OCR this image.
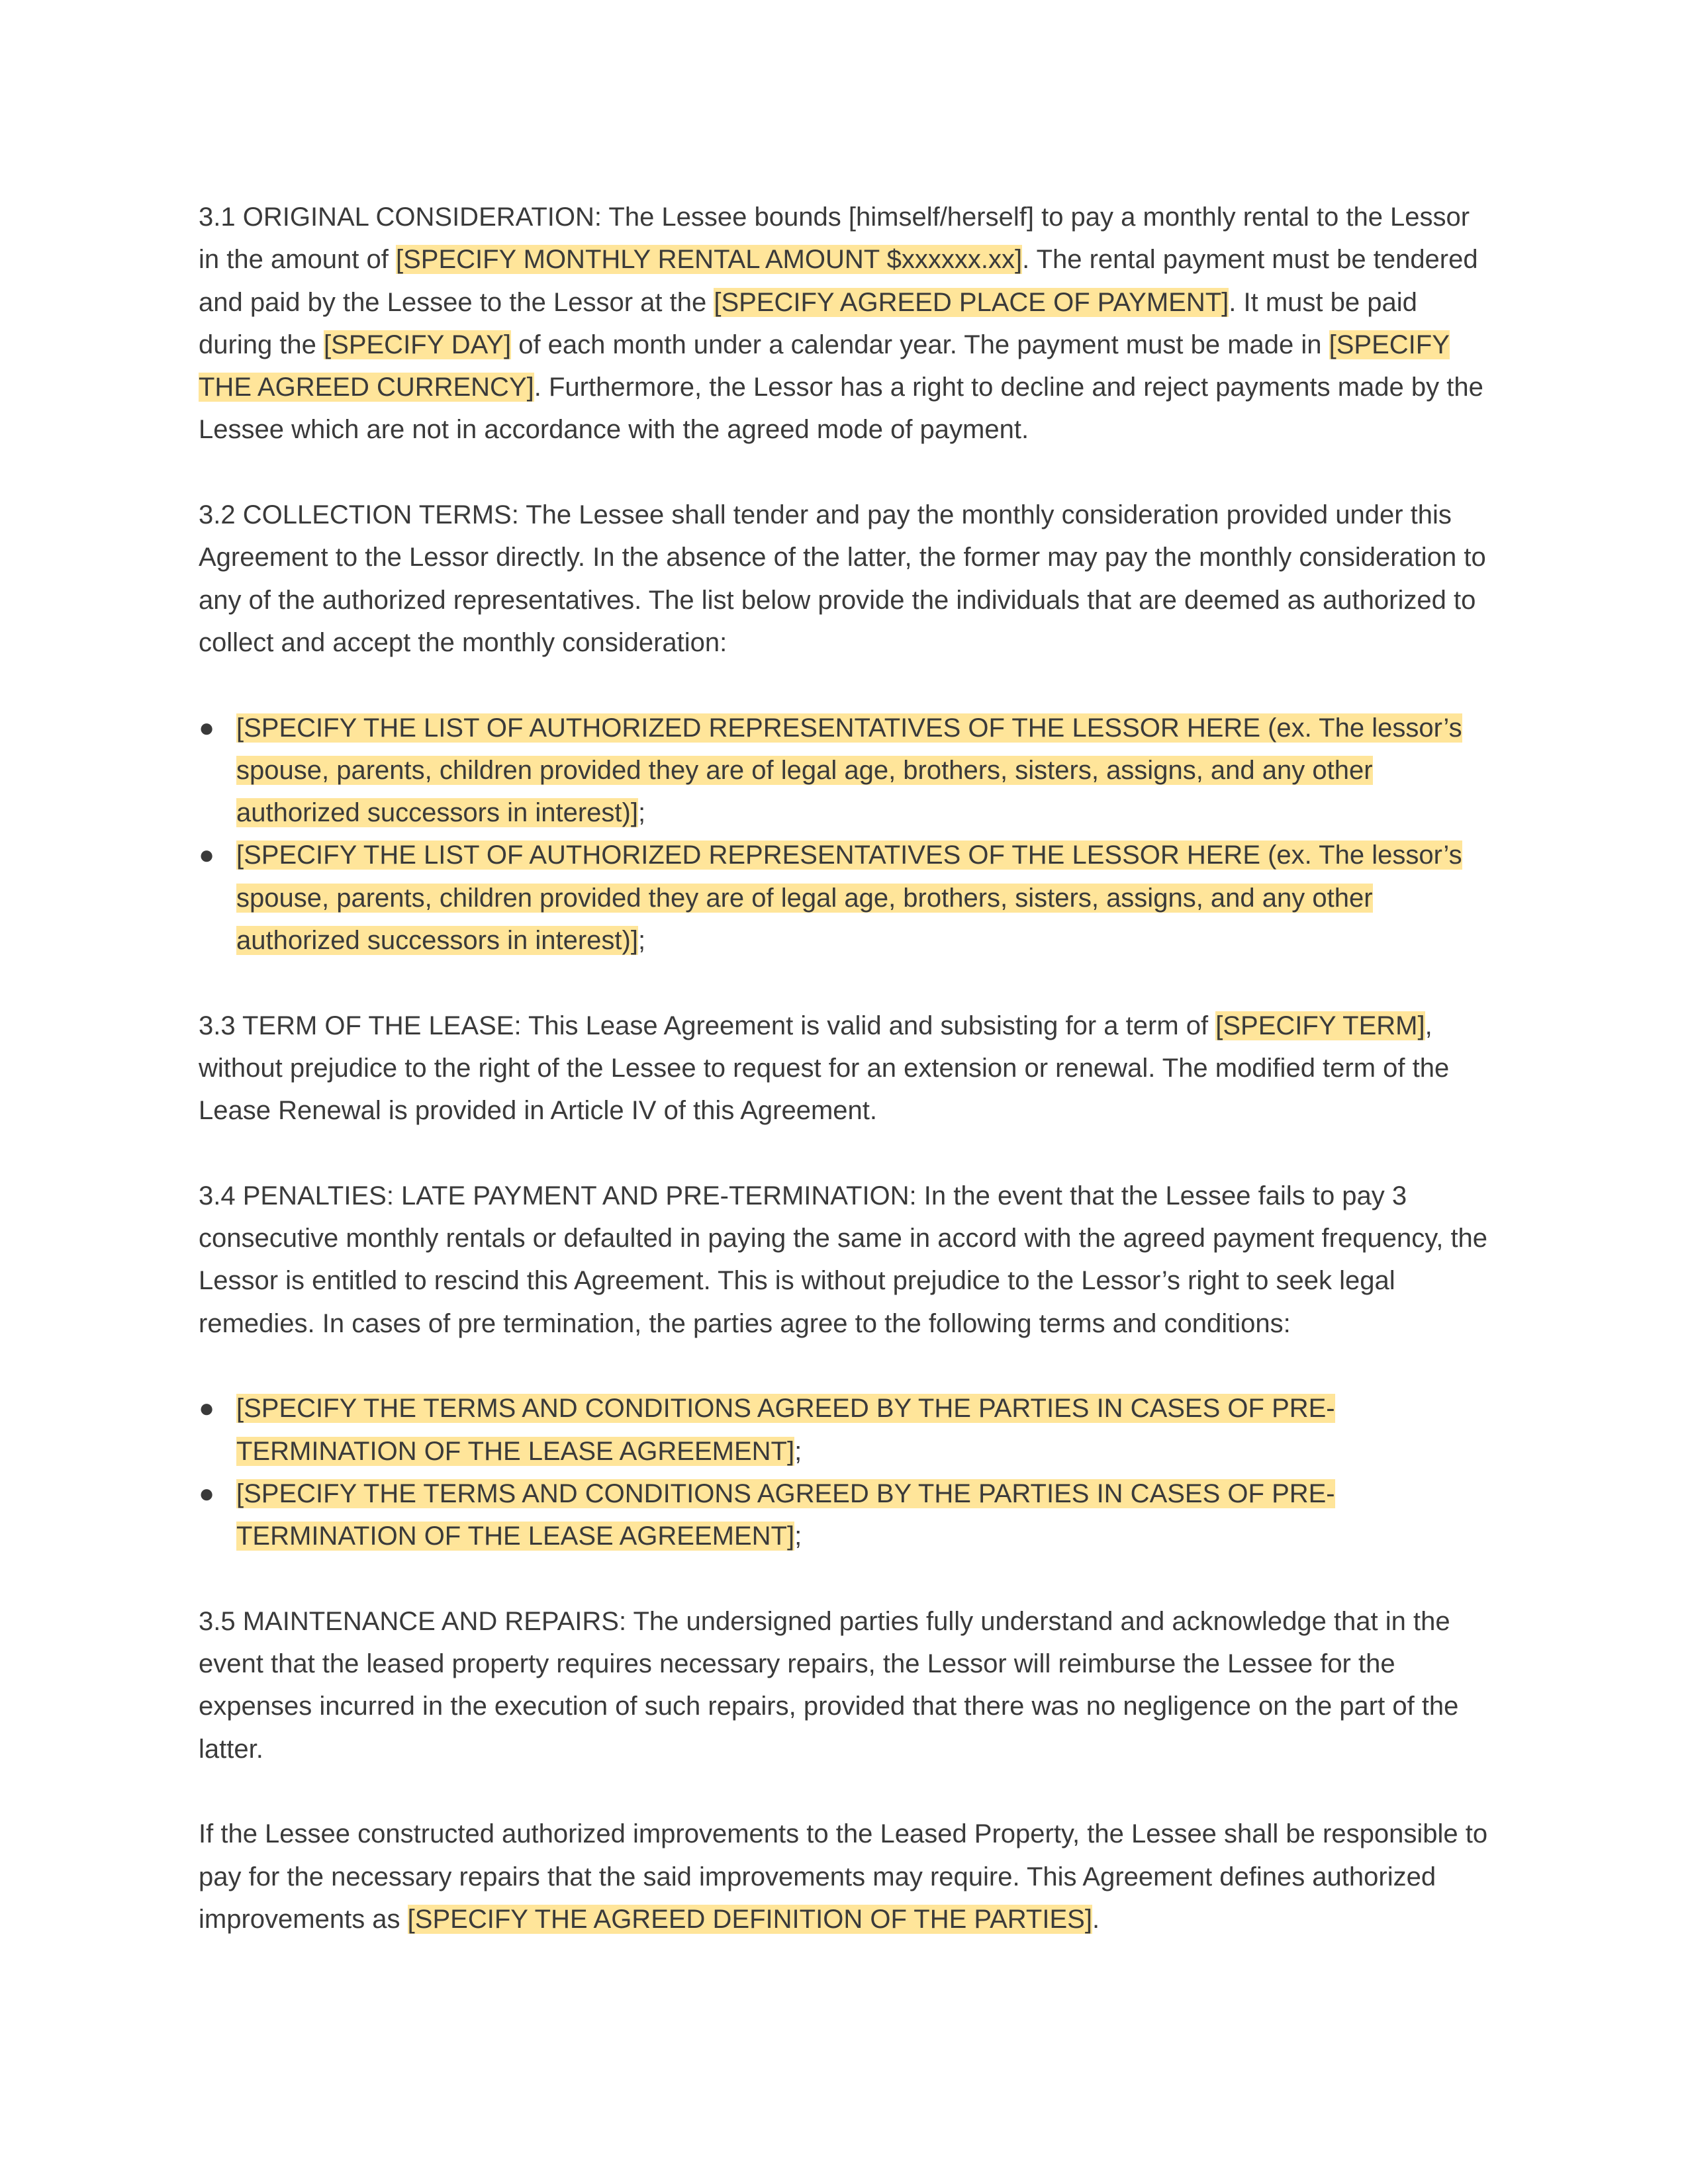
3.1 ORIGINAL CONSIDERATION: The Lessee bounds [himself/herself] to pay a monthly rental to the Lessor in the amount of [SPECIFY MONTHLY RENTAL AMOUNT $xxxxxx.xx]. The rental payment must be tendered and paid by the Lessee to the Lessor at the [SPECIFY AGREED PLACE OF PAYMENT]. It must be paid during the [SPECIFY DAY] of each month under a calendar year. The payment must be made in [SPECIFY THE AGREED CURRENCY]. Furthermore, the Lessor has a right to decline and reject payments made by the Lessee which are not in accordance with the agreed mode of payment.

3.2 COLLECTION TERMS: The Lessee shall tender and pay the monthly consideration provided under this Agreement to the Lessor directly. In the absence of the latter, the former may pay the monthly consideration to any of the authorized representatives. The list below provide the individuals that are deemed as authorized to collect and accept the monthly consideration:

● [SPECIFY THE LIST OF AUTHORIZED REPRESENTATIVES OF THE LESSOR HERE (ex. The lessor’s spouse, parents, children provided they are of legal age, brothers, sisters, assigns, and any other authorized successors in interest)];
● [SPECIFY THE LIST OF AUTHORIZED REPRESENTATIVES OF THE LESSOR HERE (ex. The lessor’s spouse, parents, children provided they are of legal age, brothers, sisters, assigns, and any other authorized successors in interest)];

3.3 TERM OF THE LEASE: This Lease Agreement is valid and subsisting for a term of [SPECIFY TERM], without prejudice to the right of the Lessee to request for an extension or renewal. The modified term of the Lease Renewal is provided in Article IV of this Agreement.

3.4 PENALTIES: LATE PAYMENT AND PRE-TERMINATION: In the event that the Lessee fails to pay 3 consecutive monthly rentals or defaulted in paying the same in accord with the agreed payment frequency, the Lessor is entitled to rescind this Agreement. This is without prejudice to the Lessor’s right to seek legal remedies. In cases of pre termination, the parties agree to the following terms and conditions:

● [SPECIFY THE TERMS AND CONDITIONS AGREED BY THE PARTIES IN CASES OF PRE-TERMINATION OF THE LEASE AGREEMENT];
● [SPECIFY THE TERMS AND CONDITIONS AGREED BY THE PARTIES IN CASES OF PRE-TERMINATION OF THE LEASE AGREEMENT];

3.5 MAINTENANCE AND REPAIRS: The undersigned parties fully understand and acknowledge that in the event that the leased property requires necessary repairs, the Lessor will reimburse the Lessee for the expenses incurred in the execution of such repairs, provided that there was no negligence on the part of the latter.

If the Lessee constructed authorized improvements to the Leased Property, the Lessee shall be responsible to pay for the necessary repairs that the said improvements may require. This Agreement defines authorized improvements as [SPECIFY THE AGREED DEFINITION OF THE PARTIES].
